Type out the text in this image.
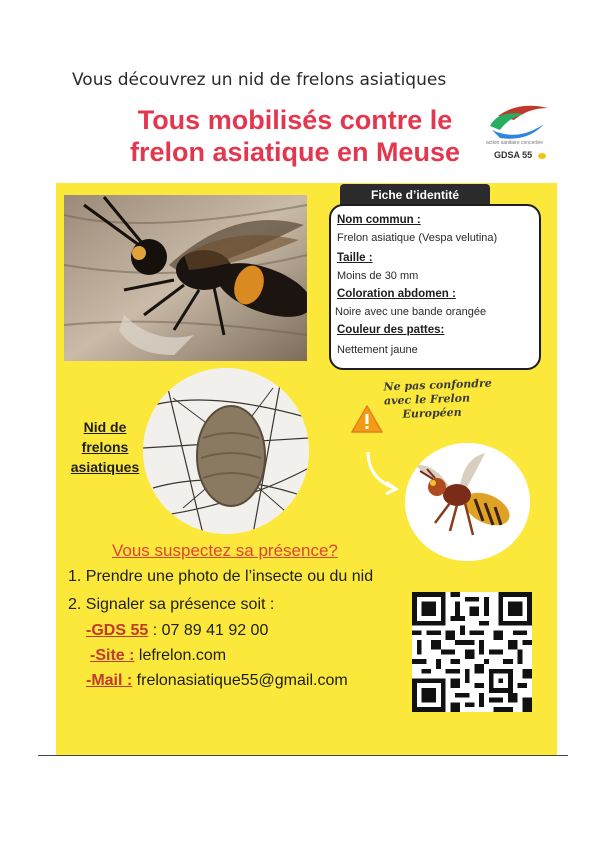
Vous découvrez un nid de frelons asiatiques
Tous mobilisés contre le
frelon asiatique en Meuse	action sanitaire concertée
GDSA 55
Fiche d’identité
Nom commun :
Frelon asiatique (Vespa velutina)
Taille :
Moins de 30 mm
Coloration abdomen :
Noire avec une bande orangée
Couleur des pattes:
Nettement jaune
Nid de
frelons
asiatiques
Ne pas confondre
avec le Frelon
Européen
Vous suspectez sa présence?
1. Prendre une photo de l’insecte ou du nid
2. Signaler sa présence soit :
-GDS 55 : 07 89 41 92 00
-Site : lefrelon.com
-Mail : frelonasiatique55@gmail.com
